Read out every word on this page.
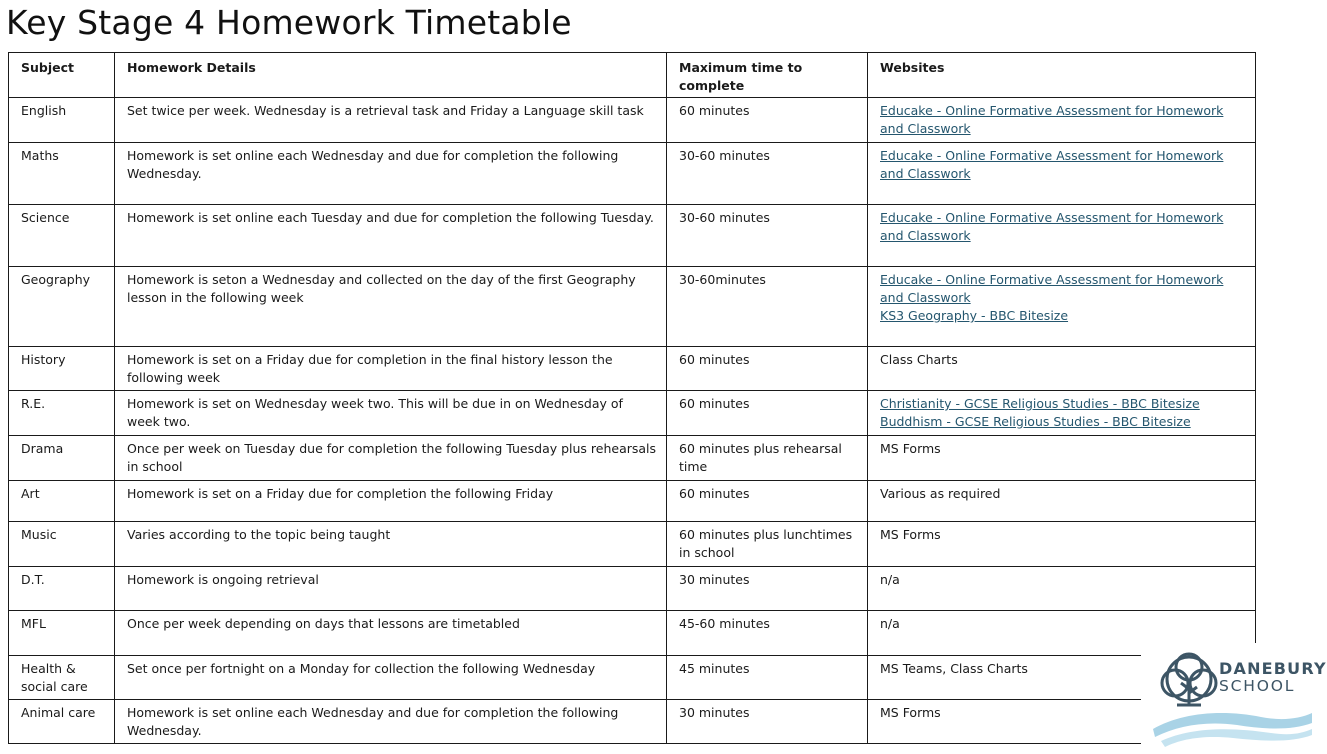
Key Stage 4 Homework Timetable
Subject	Homework Details	Maximum time to complete	Websites
English	Set twice per week. Wednesday is a retrieval task and Friday a Language skill task	60 minutes	Educake - Online Formative Assessment for Homework and Classwork

Maths	Homework is set online each Wednesday and due for completion the following Wednesday.	30-60 minutes	Educake - Online Formative Assessment for Homework and Classwork

Science	Homework is set online each Tuesday and due for completion the following Tuesday.	30-60 minutes	Educake - Online Formative Assessment for Homework and Classwork

Geography	Homework is seton a Wednesday and collected on the day of the first Geography lesson in the following week	30-60minutes	Educake - Online Formative Assessment for Homework and Classwork
KS3 Geography - BBC Bitesize

History	Homework is set on a Friday due for completion in the final history lesson the following week	60 minutes	Class Charts
R.E.	Homework is set on Wednesday week two. This will be due in on Wednesday of week two.	60 minutes	Christianity - GCSE Religious Studies - BBC Bitesize
Buddhism - GCSE Religious Studies - BBC Bitesize

Drama	Once per week on Tuesday due for completion the following Tuesday plus rehearsals in school	60 minutes plus rehearsal time	MS Forms
Art	Homework is set on a Friday due for completion the following Friday	60 minutes	Various as required
Music	Varies according to the topic being taught	60 minutes plus lunchtimes in school	MS Forms
D.T.	Homework is ongoing retrieval	30 minutes	n/a
MFL	Once per week depending on days that lessons are timetabled	45-60 minutes	n/a
Health & social care	Set once per fortnight on a Monday for collection the following Wednesday	45 minutes	MS Teams, Class Charts
Animal care	Homework is set online each Wednesday and due for completion the following Wednesday.	30 minutes	MS Forms
DANEBURY
SCHOOL
